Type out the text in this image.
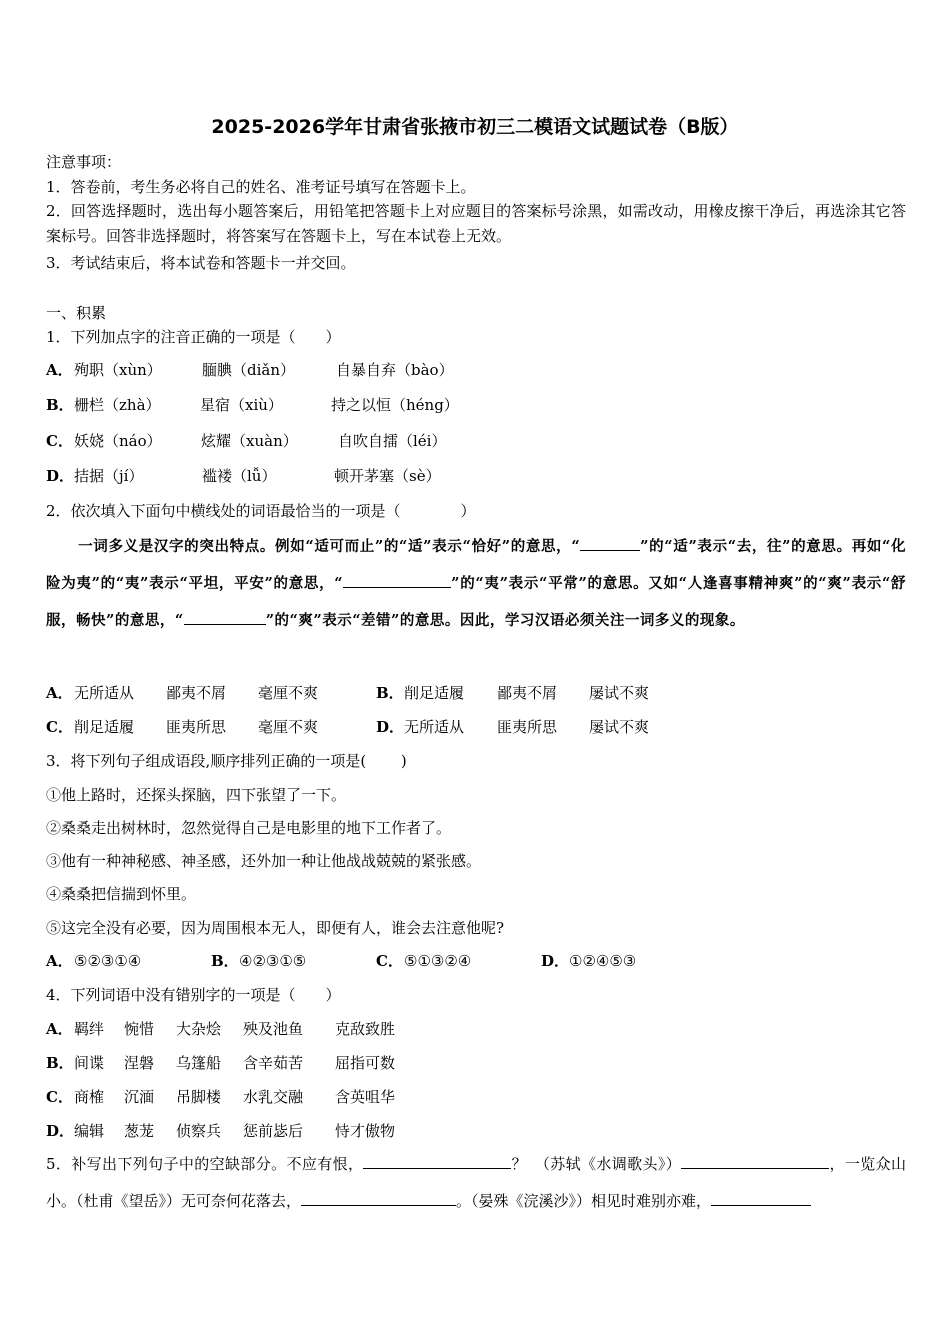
2025-2026学年甘肃省张掖市初三二模语文试题试卷（B版）
注意事项：
1．答卷前，考生务必将自己的姓名、准考证号填写在答题卡上。
2．回答选择题时，选出每小题答案后，用铅笔把答题卡上对应题目的答案标号涂黑，如需改动，用橡皮擦干净后，再选涂其它答案标号。回答非选择题时，将答案写在答题卡上，写在本试卷上无效。
3．考试结束后，将本试卷和答题卡一并交回。
一、积累
1．下列加点字的注音正确的一项是（　　）
A．殉职（xùn）	腼腆（diǎn）	自暴自弃（bào）
B．栅栏（zhà）	星宿（xiù）	持之以恒（héng）
C．妖娆（náo）	炫耀（xuàn）	自吹自擂（léi）
D．拮据（jí）	褴褛（lǚ）	顿开茅塞（sè）
2．依次填入下面句中横线处的词语最恰当的一项是（　　　　）
一词多义是汉字的突出特点。例如“适可而止”的“适”表示“恰好”的意思，“	”的“适”表示“去，往”的意思。再如“化险为夷”的“夷”表示“平坦，平安”的意思，“	”的“夷”表示“平常”的意思。又如“人逢喜事精神爽”的“爽”表示“舒服，畅快”的意思，“	”的“爽”表示“差错”的意思。因此，学习汉语必须关注一词多义的现象。
A．无所适从 鄙夷不屑 毫厘不爽	B．削足适履 鄙夷不屑 屡试不爽
C．削足适履 匪夷所思 毫厘不爽	D．无所适从 匪夷所思 屡试不爽
3．将下列句子组成语段,顺序排列正确的一项是(　　 )
①他上路时，还探头探脑，四下张望了一下。
②桑桑走出树林时，忽然觉得自己是电影里的地下工作者了。
③他有一种神秘感、神圣感，还外加一种让他战战兢兢的紧张感。
④桑桑把信揣到怀里。
⑤这完全没有必要，因为周围根本无人，即便有人，谁会去注意他呢?
A．⑤②③①④	B．④②③①⑤	C．⑤①③②④	D．①②④⑤③
4．下列词语中没有错别字的一项是（　　）
A．羁绊 惋惜 大杂烩 殃及池鱼 克敌致胜
B．间谍 涅磐 乌篷船 含辛茹苦 屈指可数
C．商榷 沉湎 吊脚楼 水乳交融 含英咀华
D．编辑 葱茏 侦察兵 惩前毖后 恃才傲物
5．补写出下列句子中的空缺部分。不应有恨，	？　（苏轼《水调歌头》）	，一览众山小。（杜甫《望岳》）无可奈何花落去，	。（晏殊《浣溪沙》）相见时难别亦难，
